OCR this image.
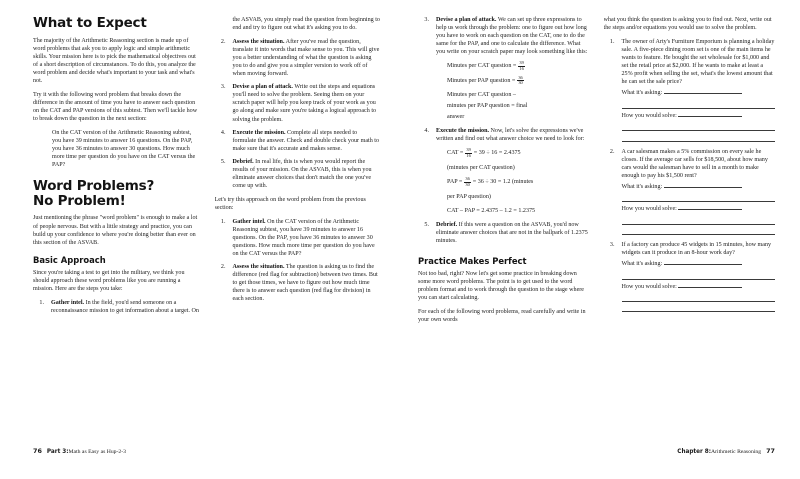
What to Expect

The majority of the Arithmetic Reasoning section is made up of word problems that ask you to apply logic and simple arithmetic skills. Your mission here is to pick the mathematical objectives out of a short description of circumstances. To do this, you analyze the word problem and decide what's important to your task and what's not.

Try it with the following word problem that breaks down the difference in the amount of time you have to answer each question on the CAT and PAP versions of this subtest. Then we'll tackle how to break down the question in the next section:

On the CAT version of the Arithmetic Reasoning subtest, you have 39 minutes to answer 16 questions. On the PAP, you have 36 minutes to answer 30 questions. How much more time per question do you have on the CAT versus the PAP?
Word Problems?
No Problem!

Just mentioning the phrase "word problem" is enough to make a lot of people nervous. But with a little strategy and practice, you can build up your confidence to where you're doing better than ever on this section of the ASVAB.

Basic Approach

Since you're taking a test to get into the military, we think you should approach these word problems like you are running a mission. Here are the steps you take:

Gather intel. In the field, you'd send someone on a reconnaissance mission to get information about a target. On

the ASVAB, you simply read the question from beginning to end and try to figure out what it's asking you to do.

Assess the situation. After you've read the question, translate it into words that make sense to you. This will give you a better understanding of what the question is asking you to do and give you a simpler version to work off of when moving forward.
Devise a plan of attack. Write out the steps and equations you'll need to solve the problem. Seeing them on your scratch paper will help you keep track of your work as you go along and make sure you're taking a logical approach to solving the problem.
Execute the mission. Complete all steps needed to formulate the answer. Check and double check your math to make sure that it's accurate and makes sense.
Debrief. In real life, this is when you would report the results of your mission. On the ASVAB, this is when you eliminate answer choices that don't match the one you've come up with.

Let's try this approach on the word problem from the previous section:

Gather intel. On the CAT version of the Arithmetic Reasoning subtest, you have 39 minutes to answer 16 questions. On the PAP, you have 36 minutes to answer 30 questions. How much more time per question do you have on the CAT versus the PAP?
Assess the situation. The question is asking us to find the difference (red flag for subtraction) between two times. But to get those times, we have to figure out how much time there is to answer each question (red flag for division) in each section.
76 Part 3:Math as Easy as Hup-2-3
Devise a plan of attack. We can set up three expressions to help us work through the problem: one to figure out how long you have to work on each question on the CAT, one to do the same for the PAP, and one to calculate the difference. What you write on your scratch paper may look something like this:
Minutes per CAT question = $\frac{39}{16}$
Minutes per PAP question = $\frac{36}{30}$
Minutes per CAT question –
minutes per PAP question = final
answer
Execute the mission. Now, let's solve the expressions we've written and find out what answer choice we need to look for:
CAT = $\frac{39}{16} = 39 \div 16 = 2.4375$
(minutes per CAT question)
PAP = $\frac{36}{30} = 36 \div 30 = 1.2$ (minutes
per PAP question)
CAT – PAP = 2.4375 – 1.2 = 1.2375
Debrief. If this were a question on the ASVAB, you'd now eliminate answer choices that are not in the ballpark of 1.2375 minutes.
Practice Makes Perfect

Not too bad, right? Now let's get some practice in breaking down some more word problems. The point is to get used to the word problem format and to work through the question to the stage where you can start calculating.

For each of the following word problems, read carefully and write in your own words

what you think the question is asking you to find out. Next, write out the steps and/or equations you would use to solve the problem.

The owner of Arty's Furniture Emporium is planning a holiday sale. A five-piece dining room set is one of the main items he wants to feature. He bought the set wholesale for $1,000 and set the retail price at $2,000. If he wants to make at least a 25% profit when selling the set, what's the lowest amount that he can set the sale price?
What it's asking:
How you would solve:
A car salesman makes a 5% commission on every sale he closes. If the average car sells for $18,500, about how many cars would the salesman have to sell in a month to make enough to pay his $1,500 rent?
What it's asking:
How you would solve:
If a factory can produce 45 widgets in 15 minutes, how many widgets can it produce in an 8-hour work day?
What it's asking:
How you would solve:
Chapter 8:Arithmetic Reasoning 77
